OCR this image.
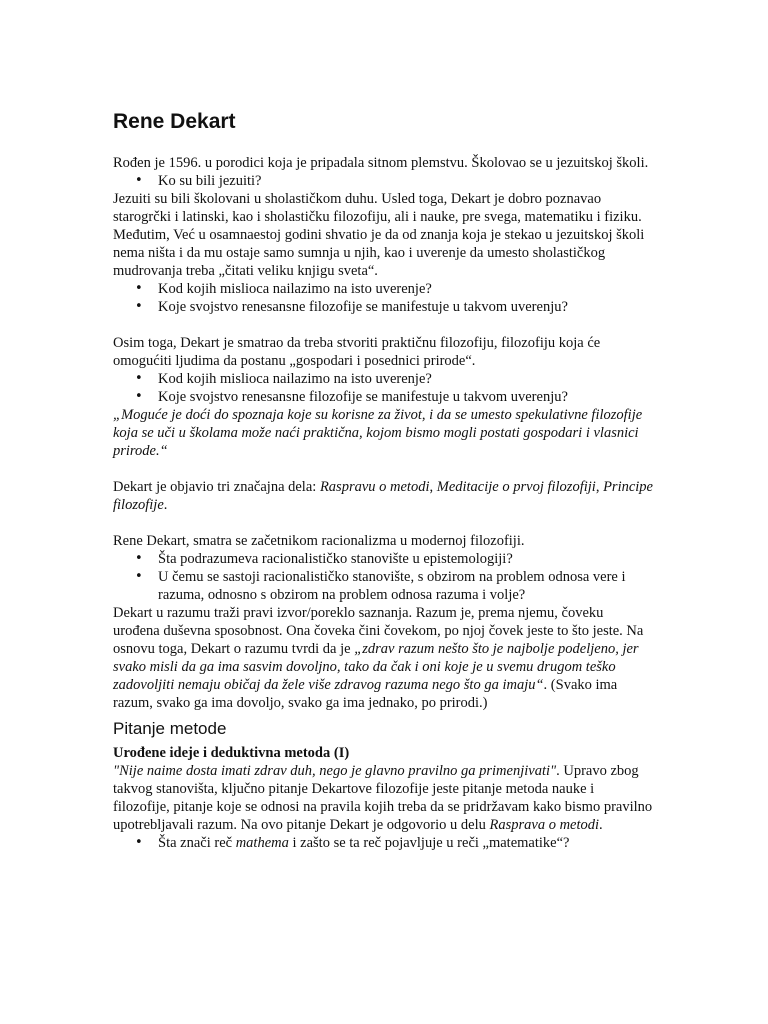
Rene Dekart

Rođen je 1596. u porodici koja je pripadala sitnom plemstvu. Školovao se u jezuitskoj školi.

• Ko su bili jezuiti?

Jezuiti su bili školovani u sholastičkom duhu. Usled toga, Dekart je dobro poznavao starogrčki i latinski, kao i sholastičku filozofiju, ali i nauke, pre svega, matematiku i fiziku. Međutim, Već u osamnaestoj godini shvatio je da od znanja koja je stekao u jezuitskoj školi nema ništa i da mu ostaje samo sumnja u njih, kao i uverenje da umesto sholastičkog mudrovanja treba „čitati veliku knjigu sveta“.

• Kod kojih mislioca nailazimo na isto uverenje?
• Koje svojstvo renesansne filozofije se manifestuje u takvom uverenju?

Osim toga, Dekart je smatrao da treba stvoriti praktičnu filozofiju, filozofiju koja će omogućiti ljudima da postanu „gospodari i posednici prirode“.

• Kod kojih mislioca nailazimo na isto uverenje?
• Koje svojstvo renesansne filozofije se manifestuje u takvom uverenju?

„Moguće je doći do spoznaja koje su korisne za život, i da se umesto spekulativne filozofije koja se uči u školama može naći praktična, kojom bismo mogli postati gospodari i vlasnici prirode.“

Dekart je objavio tri značajna dela: Raspravu o metodi, Meditacije o prvoj filozofiji, Principe filozofije.

Rene Dekart, smatra se začetnikom racionalizma u modernoj filozofiji.

• Šta podrazumeva racionalističko stanovište u epistemologiji?
• U čemu se sastoji racionalističko stanovište, s obzirom na problem odnosa vere i razuma, odnosno s obzirom na problem odnosa razuma i volje?

Dekart u razumu traži pravi izvor/poreklo saznanja. Razum je, prema njemu, čoveku urođena duševna sposobnost. Ona čoveka čini čovekom, po njoj čovek jeste to što jeste. Na osnovu toga, Dekart o razumu tvrdi da je „zdrav razum nešto što je najbolje podeljeno, jer svako misli da ga ima sasvim dovoljno, tako da čak i oni koje je u svemu drugom teško zadovoljiti nemaju običaj da žele više zdravog razuma nego što ga imaju“. (Svako ima razum, svako ga ima dovoljo, svako ga ima jednako, po prirodi.)

Pitanje metode
Urođene ideje i deduktivna metoda (I)

"Nije naime dosta imati zdrav duh, nego je glavno pravilno ga primenjivati". Upravo zbog takvog stanovišta, ključno pitanje Dekartove filozofije jeste pitanje metoda nauke i filozofije, pitanje koje se odnosi na pravila kojih treba da se pridržavam kako bismo pravilno upotrebljavali razum. Na ovo pitanje Dekart je odgovorio u delu Rasprava o metodi.

• Šta znači reč mathema i zašto se ta reč pojavljuje u reči „matematike“?
